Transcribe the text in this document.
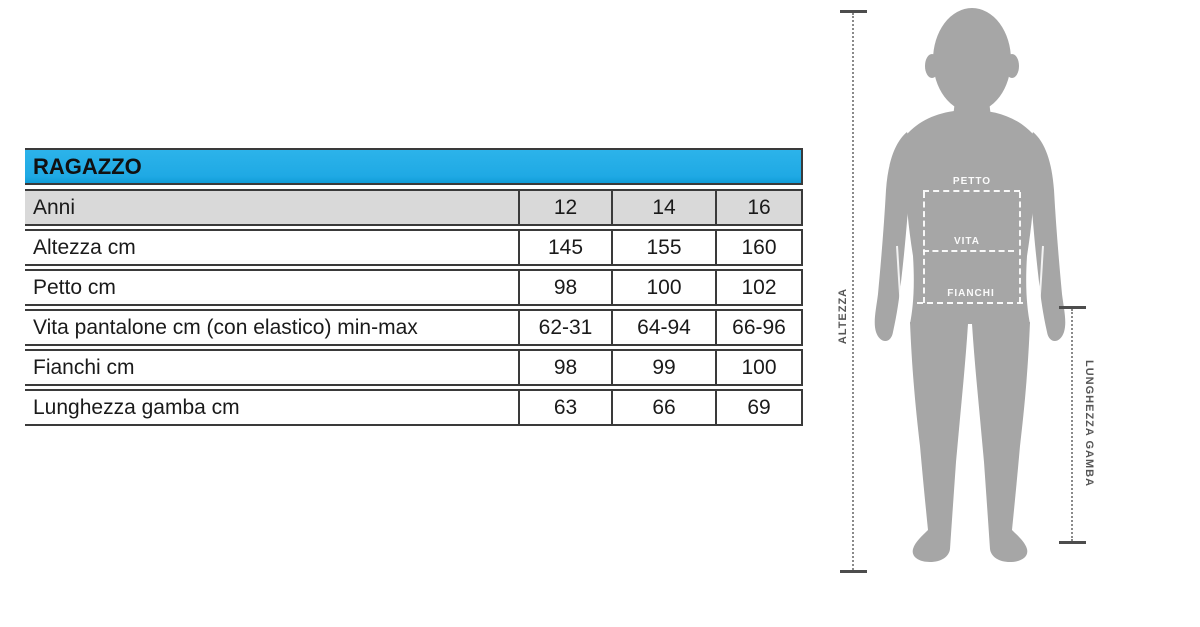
RAGAZZO
Anni	12	14	16
Altezza cm	145	155	160
Petto cm	98	100	102
Vita pantalone cm (con elastico) min-max	62-31	64-94	66-96
Fianchi cm	98	99	100
Lunghezza gamba cm	63	66	69
PETTO
VITA
FIANCHI
ALTEZZA
LUNGHEZZA GAMBA
